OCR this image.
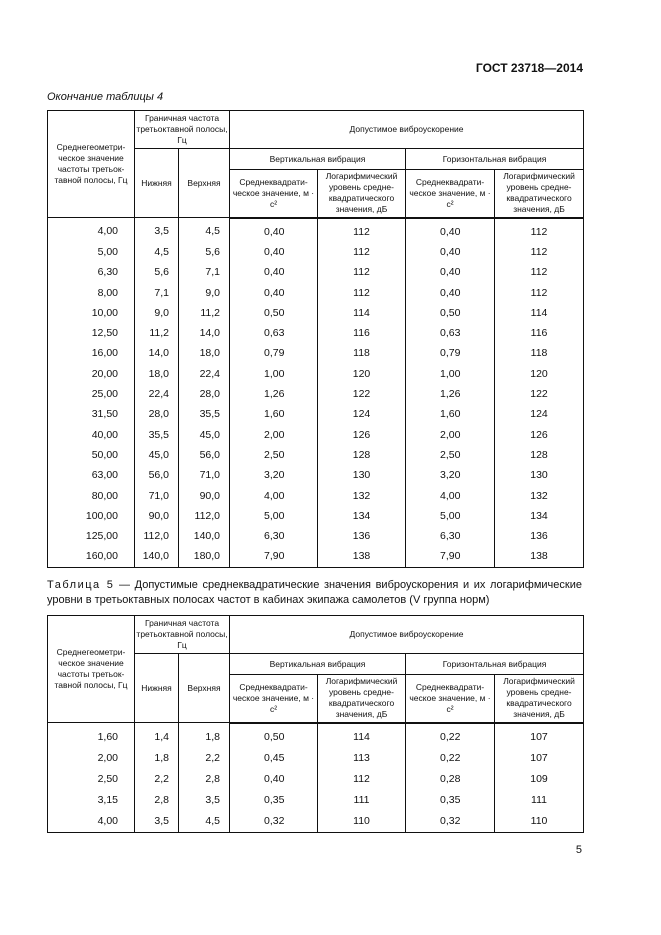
ГОСТ 23718—2014
Окончание таблицы 4
Среднегеометри-ческое значение частоты третьок-тавной полосы, Гц	Граничная частота третьоктавной полосы, Гц		Допустимое виброускорение			
	Нижняя	Верхняя	Вертикальная вибрация		Горизонтальная вибрация	
			Среднеквадрати-ческое значение, м · с²	Логарифмический уровень средне-квадратического значения, дБ	Среднеквадрати-ческое значение, м · с²	Логарифмический уровень средне-квадратического значения, дБ
4,00	3,5	4,5	0,40	112	0,40	112
5,00	4,5	5,6	0,40	112	0,40	112
6,30	5,6	7,1	0,40	112	0,40	112
8,00	7,1	9,0	0,40	112	0,40	112
10,00	9,0	11,2	0,50	114	0,50	114
12,50	11,2	14,0	0,63	116	0,63	116
16,00	14,0	18,0	0,79	118	0,79	118
20,00	18,0	22,4	1,00	120	1,00	120
25,00	22,4	28,0	1,26	122	1,26	122
31,50	28,0	35,5	1,60	124	1,60	124
40,00	35,5	45,0	2,00	126	2,00	126
50,00	45,0	56,0	2,50	128	2,50	128
63,00	56,0	71,0	3,20	130	3,20	130
80,00	71,0	90,0	4,00	132	4,00	132
100,00	90,0	112,0	5,00	134	5,00	134
125,00	112,0	140,0	6,30	136	6,30	136
160,00	140,0	180,0	7,90	138	7,90	138
Таблица 5 — Допустимые среднеквадратические значения виброускорения и их логарифмические уровни в третьоктавных полосах частот в кабинах экипажа самолетов (V группа норм)
Среднегеометри-ческое значение частоты третьок-тавной полосы, Гц	Граничная частота третьоктавной полосы, Гц		Допустимое виброускорение			
	Нижняя	Верхняя	Вертикальная вибрация		Горизонтальная вибрация	
			Среднеквадрати-ческое значение, м · с²	Логарифмический уровень средне-квадратического значения, дБ	Среднеквадрати-ческое значение, м · с²	Логарифмический уровень средне-квадратического значения, дБ
1,60	1,4	1,8	0,50	114	0,22	107
2,00	1,8	2,2	0,45	113	0,22	107
2,50	2,2	2,8	0,40	112	0,28	109
3,15	2,8	3,5	0,35	111	0,35	111
4,00	3,5	4,5	0,32	110	0,32	110
5
